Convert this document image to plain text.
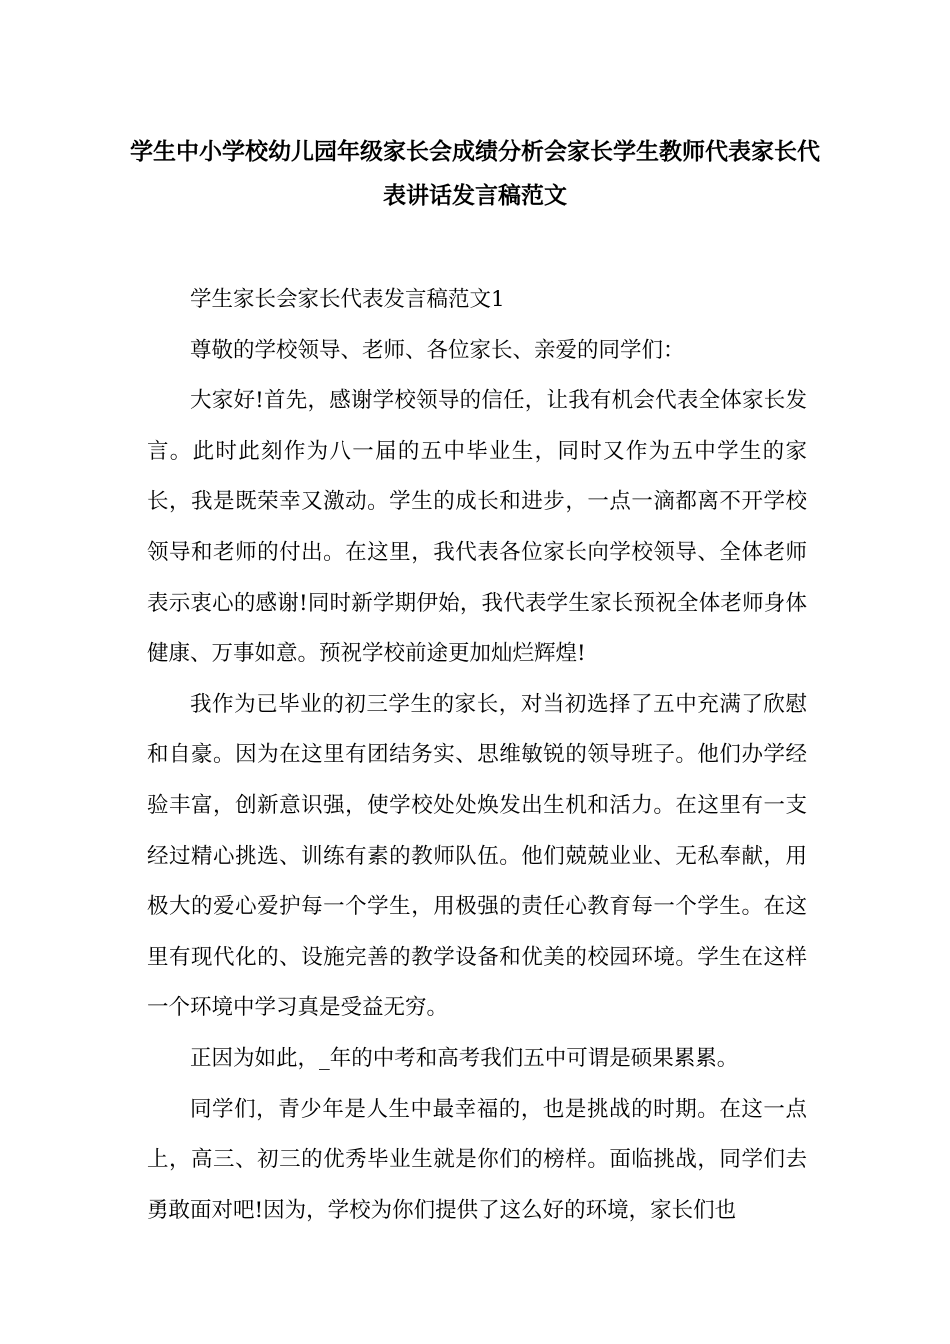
学生中小学校幼儿园年级家长会成绩分析会家长学生教师代表家长代表讲话发言稿范文

学生家长会家长代表发言稿范文1

尊敬的学校领导、老师、各位家长、亲爱的同学们：

大家好!首先，感谢学校领导的信任，让我有机会代表全体家长发言。此时此刻作为八一届的五中毕业生，同时又作为五中学生的家长，我是既荣幸又激动。学生的成长和进步，一点一滴都离不开学校领导和老师的付出。在这里，我代表各位家长向学校领导、全体老师表示衷心的感谢!同时新学期伊始，我代表学生家长预祝全体老师身体健康、万事如意。预祝学校前途更加灿烂辉煌!

我作为已毕业的初三学生的家长，对当初选择了五中充满了欣慰和自豪。因为在这里有团结务实、思维敏锐的领导班子。他们办学经验丰富，创新意识强，使学校处处焕发出生机和活力。在这里有一支经过精心挑选、训练有素的教师队伍。他们兢兢业业、无私奉献，用极大的爱心爱护每一个学生，用极强的责任心教育每一个学生。在这里有现代化的、设施完善的教学设备和优美的校园环境。学生在这样一个环境中学习真是受益无穷。

正因为如此，_年的中考和高考我们五中可谓是硕果累累。

同学们，青少年是人生中最幸福的，也是挑战的时期。在这一点上，高三、初三的优秀毕业生就是你们的榜样。面临挑战，同学们去勇敢面对吧!因为，学校为你们提供了这么好的环境，家长们也
